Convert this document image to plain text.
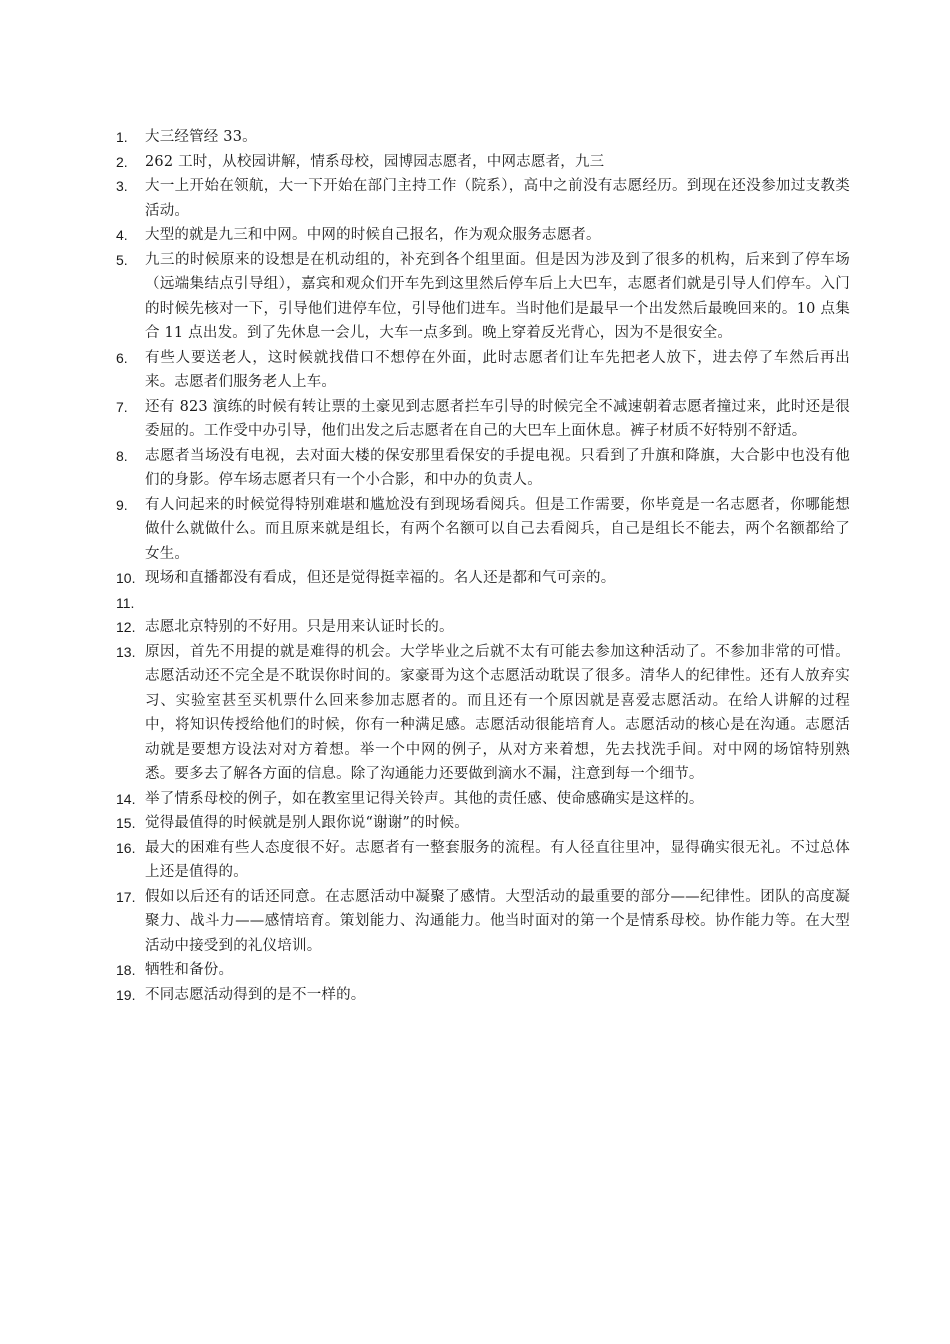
1.	大三经管经 33。
2.	262 工时，从校园讲解，情系母校，园博园志愿者，中网志愿者，九三
3.	大一上开始在领航，大一下开始在部门主持工作（院系），高中之前没有志愿经历。到现在还没参加过支教类活动。
4.	大型的就是九三和中网。中网的时候自己报名，作为观众服务志愿者。
5.	九三的时候原来的设想是在机动组的，补充到各个组里面。但是因为涉及到了很多的机构，后来到了停车场（远端集结点引导组），嘉宾和观众们开车先到这里然后停车后上大巴车，志愿者们就是引导人们停车。入门的时候先核对一下，引导他们进停车位，引导他们进车。当时他们是最早一个出发然后最晚回来的。10 点集合 11 点出发。到了先休息一会儿，大车一点多到。晚上穿着反光背心，因为不是很安全。
6.	有些人要送老人，这时候就找借口不想停在外面，此时志愿者们让车先把老人放下，进去停了车然后再出来。志愿者们服务老人上车。
7.	还有 823 演练的时候有转让票的土豪见到志愿者拦车引导的时候完全不减速朝着志愿者撞过来，此时还是很委屈的。工作受中办引导，他们出发之后志愿者在自己的大巴车上面休息。裤子材质不好特别不舒适。
8.	志愿者当场没有电视，去对面大楼的保安那里看保安的手提电视。只看到了升旗和降旗，大合影中也没有他们的身影。停车场志愿者只有一个小合影，和中办的负责人。
9.	有人问起来的时候觉得特别难堪和尴尬没有到现场看阅兵。但是工作需要，你毕竟是一名志愿者，你哪能想做什么就做什么。而且原来就是组长，有两个名额可以自己去看阅兵，自己是组长不能去，两个名额都给了女生。
10. 现场和直播都没有看成，但还是觉得挺幸福的。名人还是都和气可亲的。
11.
12. 志愿北京特别的不好用。只是用来认证时长的。
13. 原因，首先不用提的就是难得的机会。大学毕业之后就不太有可能去参加这种活动了。不参加非常的可惜。志愿活动还不完全是不耽误你时间的。家豪哥为这个志愿活动耽误了很多。清华人的纪律性。还有人放弃实习、实验室甚至买机票什么回来参加志愿者的。而且还有一个原因就是喜爱志愿活动。在给人讲解的过程中，将知识传授给他们的时候，你有一种满足感。志愿活动很能培育人。志愿活动的核心是在沟通。志愿活动就是要想方设法对对方着想。举一个中网的例子，从对方来着想，先去找洗手间。对中网的场馆特别熟悉。要多去了解各方面的信息。除了沟通能力还要做到滴水不漏，注意到每一个细节。
14. 举了情系母校的例子，如在教室里记得关铃声。其他的责任感、使命感确实是这样的。
15. 觉得最值得的时候就是别人跟你说“谢谢”的时候。
16. 最大的困难有些人态度很不好。志愿者有一整套服务的流程。有人径直往里冲，显得确实很无礼。不过总体上还是值得的。
17. 假如以后还有的话还同意。在志愿活动中凝聚了感情。大型活动的最重要的部分——纪律性。团队的高度凝聚力、战斗力——感情培育。策划能力、沟通能力。他当时面对的第一个是情系母校。协作能力等。在大型活动中接受到的礼仪培训。
18. 牺牲和备份。
19. 不同志愿活动得到的是不一样的。
